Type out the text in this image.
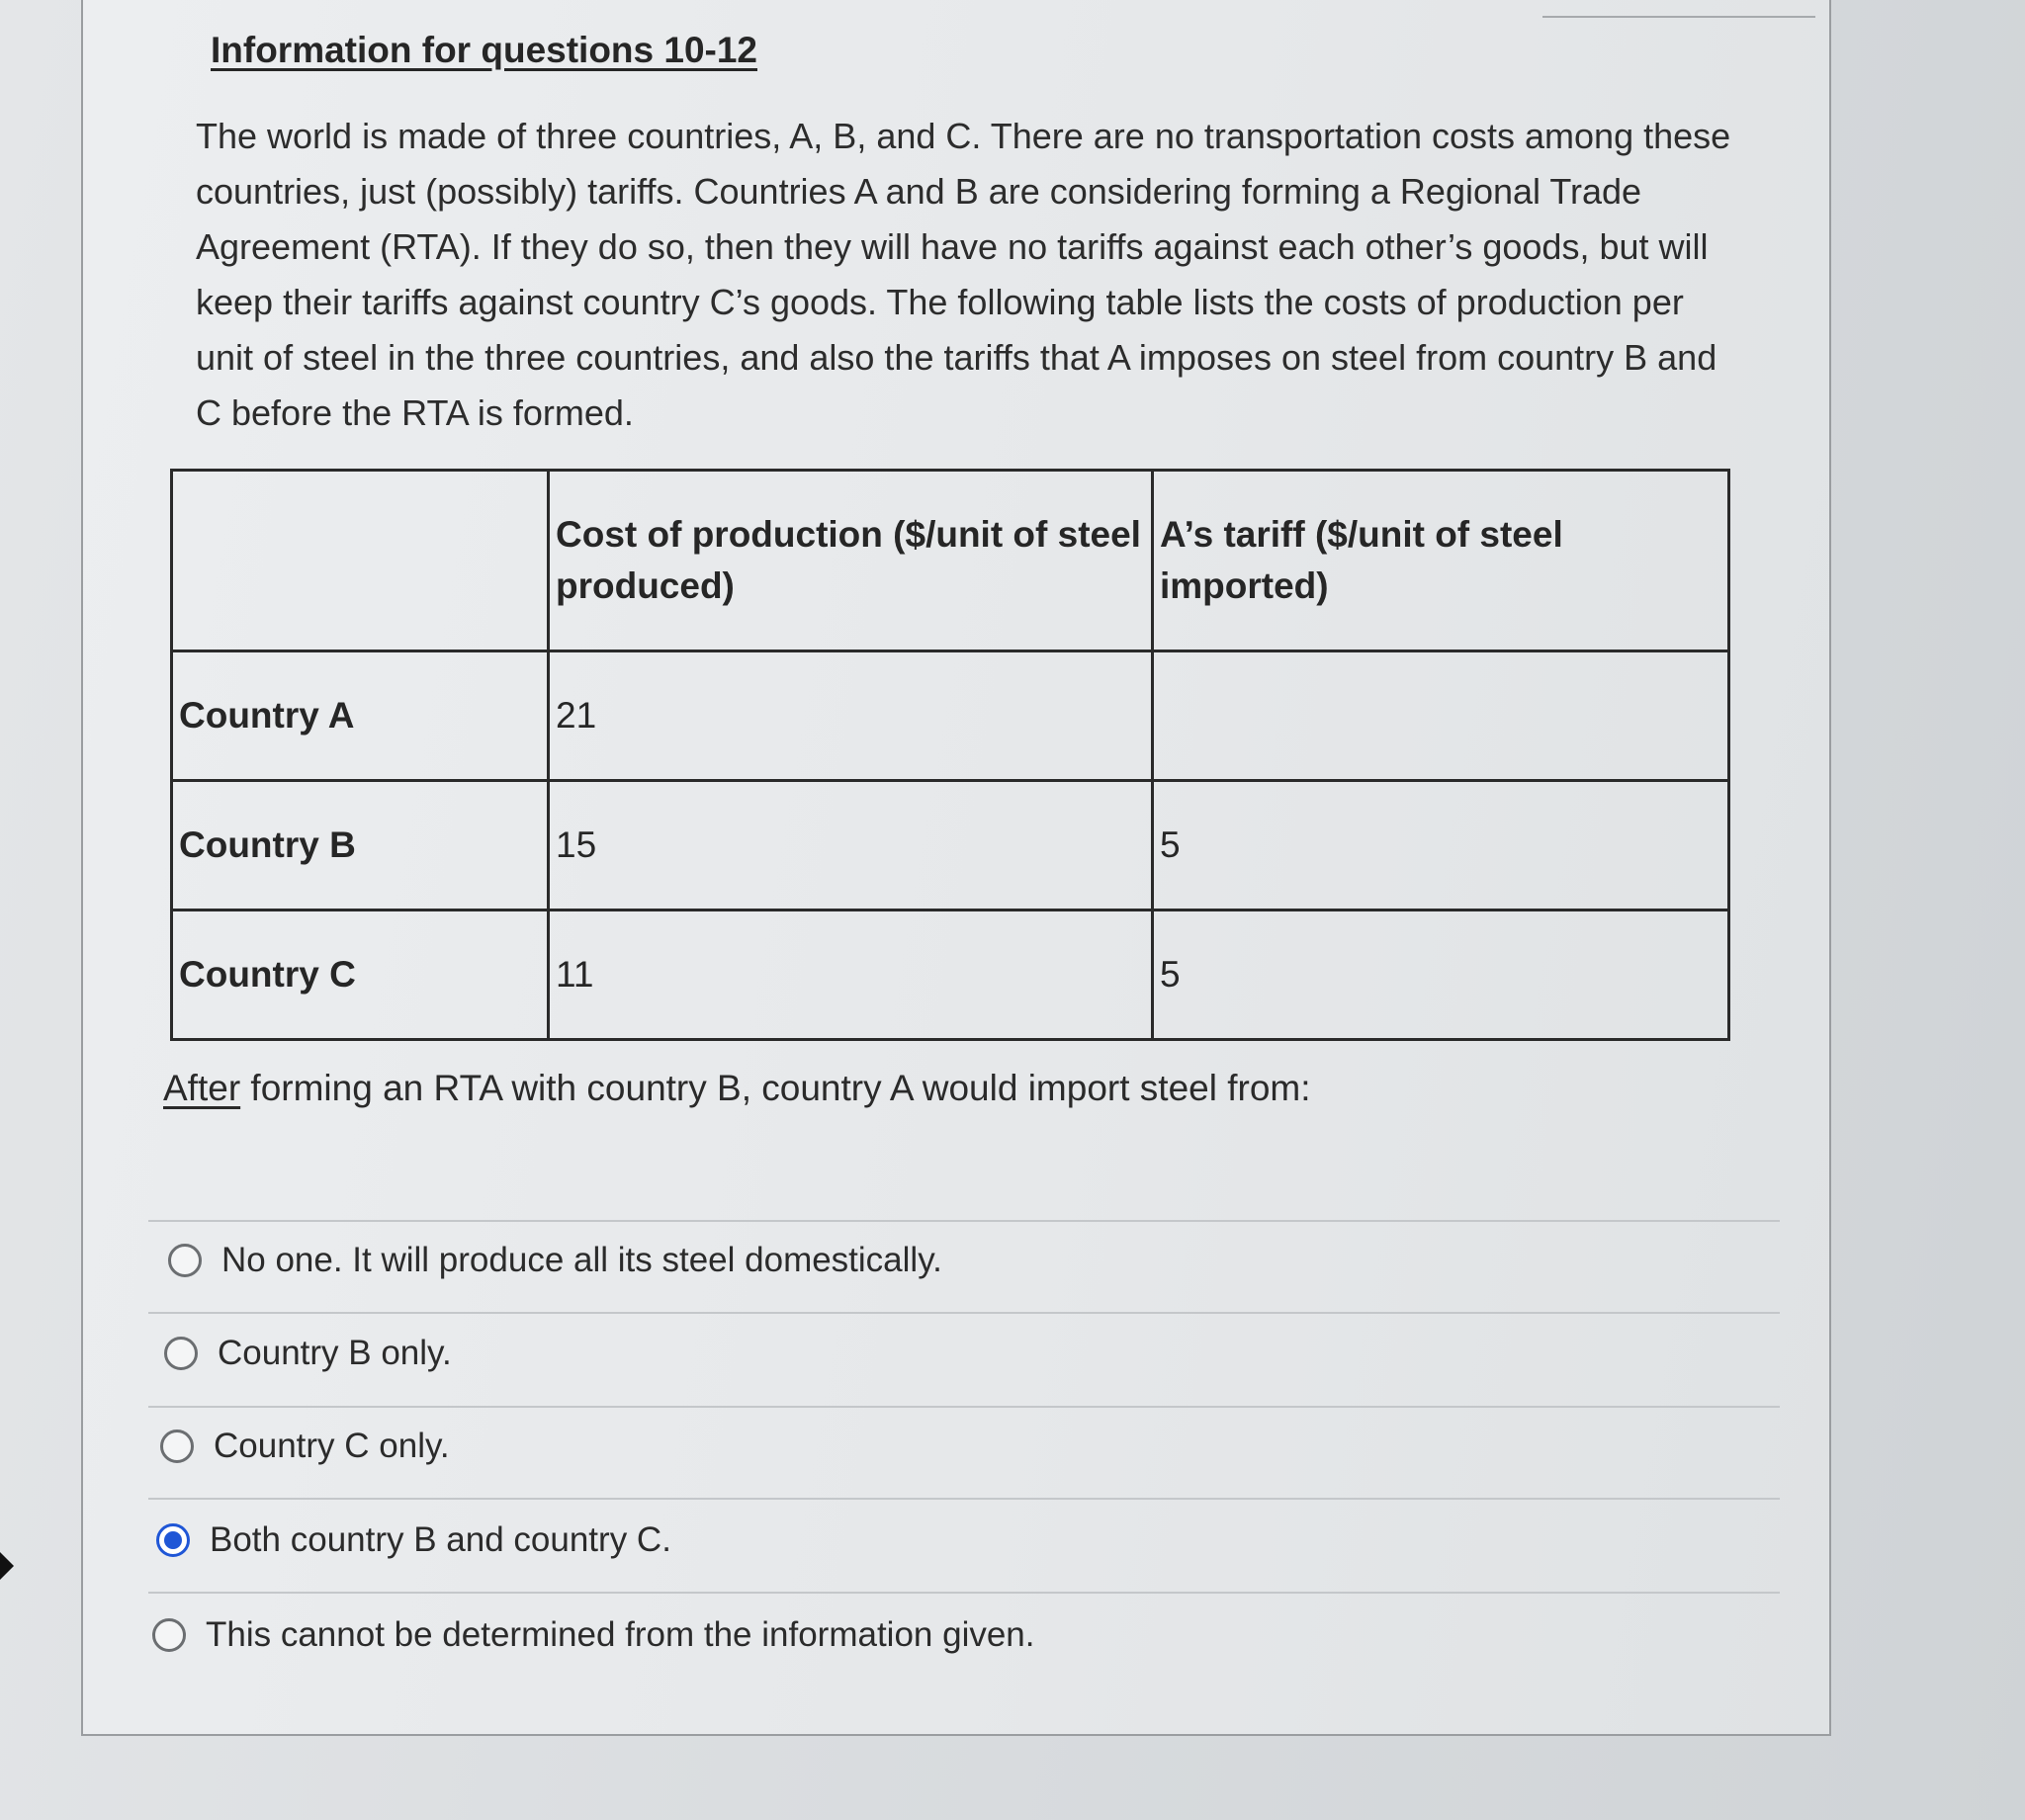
Information for questions 10-12

The world is made of three countries, A, B, and C. There are no transportation costs among these countries, just (possibly) tariffs. Countries A and B are considering forming a Regional Trade Agreement (RTA). If they do so, then they will have no tariffs against each other’s goods, but will keep their tariffs against country C’s goods. The following table lists the costs of production per unit of steel in the three countries, and also the tariffs that A imposes on steel from country B and C before the RTA is formed.

	Cost of production ($/unit of steel produced)	A’s tariff ($/unit of steel imported)
Country A	21	
Country B	15	5
Country C	11	5

After forming an RTA with country B, country A would import steel from:

No one. It will produce all its steel domestically.
Country B only.
Country C only.
Both country B and country C.
This cannot be determined from the information given.
